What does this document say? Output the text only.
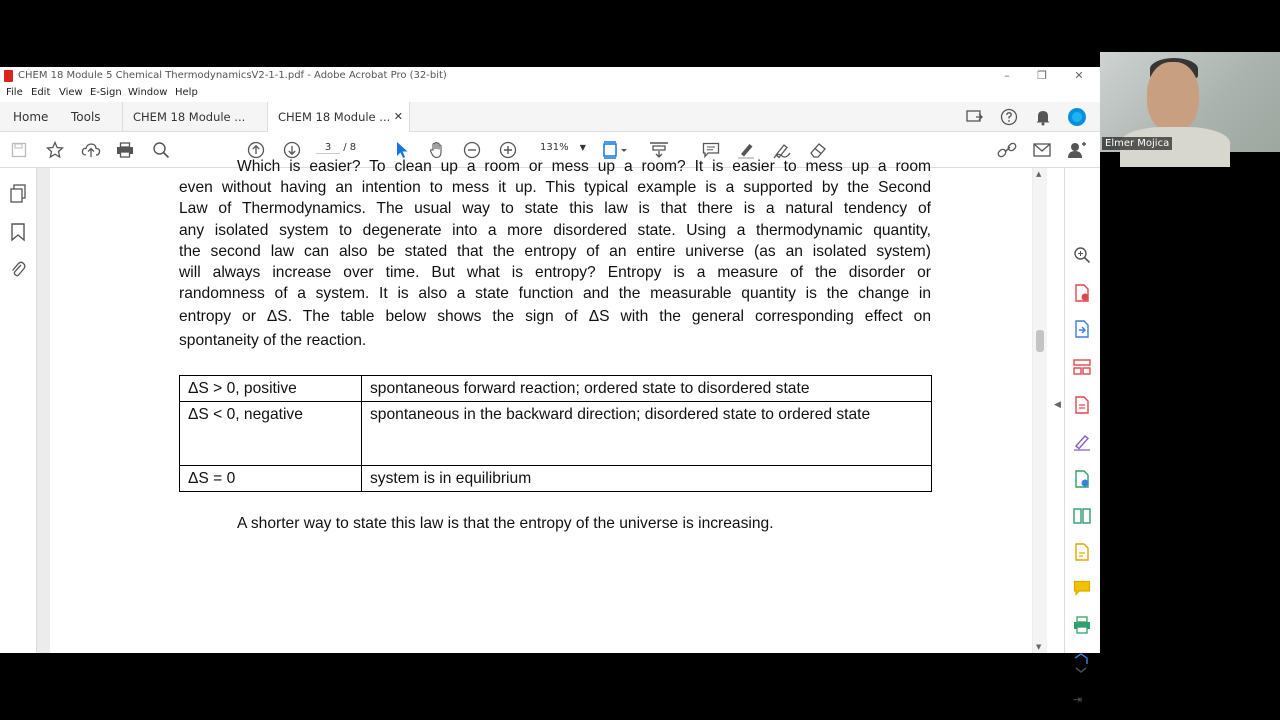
Elmer Mojica
CHEM 18 Module 5 Chemical ThermodynamicsV2-1-1.pdf - Adobe Acrobat Pro (32-bit)	–	❐	✕
File Edit View E-Sign Window Help
Home Tools	CHEM 18 Module ...	CHEM 18 Module ... ✕
3 / 8	131% ▼
Which is easier? To clean up a room or mess up a room? It is easier to mess up a room
even without having an intention to mess it up. This typical example is a supported by the Second
Law of Thermodynamics. The usual way to state this law is that there is a natural tendency of
any isolated system to degenerate into a more disordered state. Using a thermodynamic quantity,
the second law can also be stated that the entropy of an entire universe (as an isolated system)
will always increase over time. But what is entropy? Entropy is a measure of the disorder or
randomness of a system. It is also a state function and the measurable quantity is the change in
entropy or ΔS. The table below shows the sign of ΔS with the general corresponding effect on
spontaneity of the reaction.
ΔS > 0, positive	spontaneous forward reaction; ordered state to disordered state
ΔS < 0, negative	spontaneous in the backward direction; disordered state to ordered state
ΔS = 0	system is in equilibrium
A shorter way to state this law is that the entropy of the universe is increasing.
▲
▼
◀
⇥
